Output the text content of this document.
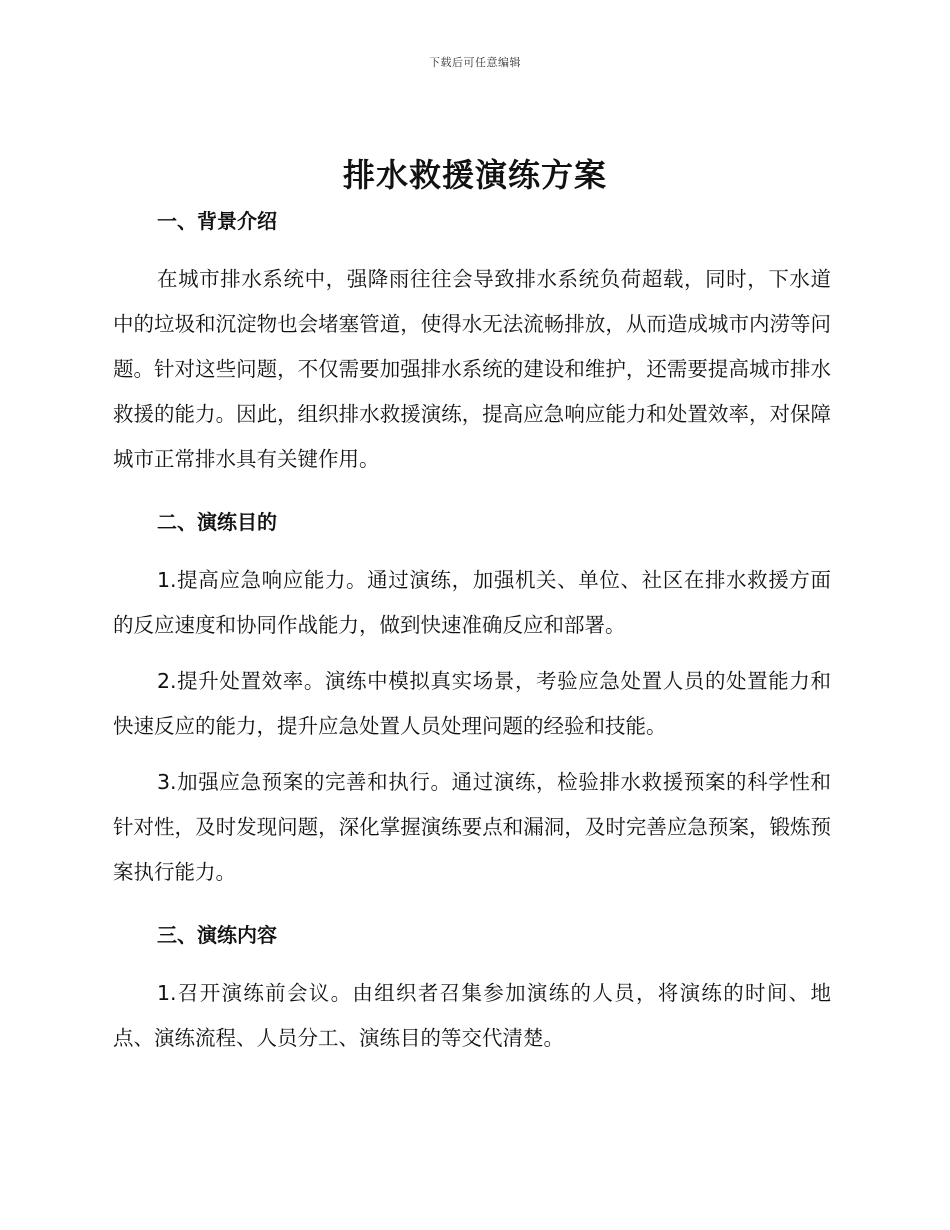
下载后可任意编辑
排水救援演练方案
一、背景介绍

在城市排水系统中，强降雨往往会导致排水系统负荷超载，同时，下水道中的垃圾和沉淀物也会堵塞管道，使得水无法流畅排放，从而造成城市内涝等问题。针对这些问题，不仅需要加强排水系统的建设和维护，还需要提高城市排水救援的能力。因此，组织排水救援演练，提高应急响应能力和处置效率，对保障城市正常排水具有关键作用。

二、演练目的

1.提高应急响应能力。通过演练，加强机关、单位、社区在排水救援方面的反应速度和协同作战能力，做到快速准确反应和部署。

2.提升处置效率。演练中模拟真实场景，考验应急处置人员的处置能力和快速反应的能力，提升应急处置人员处理问题的经验和技能。

3.加强应急预案的完善和执行。通过演练，检验排水救援预案的科学性和针对性，及时发现问题，深化掌握演练要点和漏洞，及时完善应急预案，锻炼预案执行能力。

三、演练内容

1.召开演练前会议。由组织者召集参加演练的人员，将演练的时间、地点、演练流程、人员分工、演练目的等交代清楚。
